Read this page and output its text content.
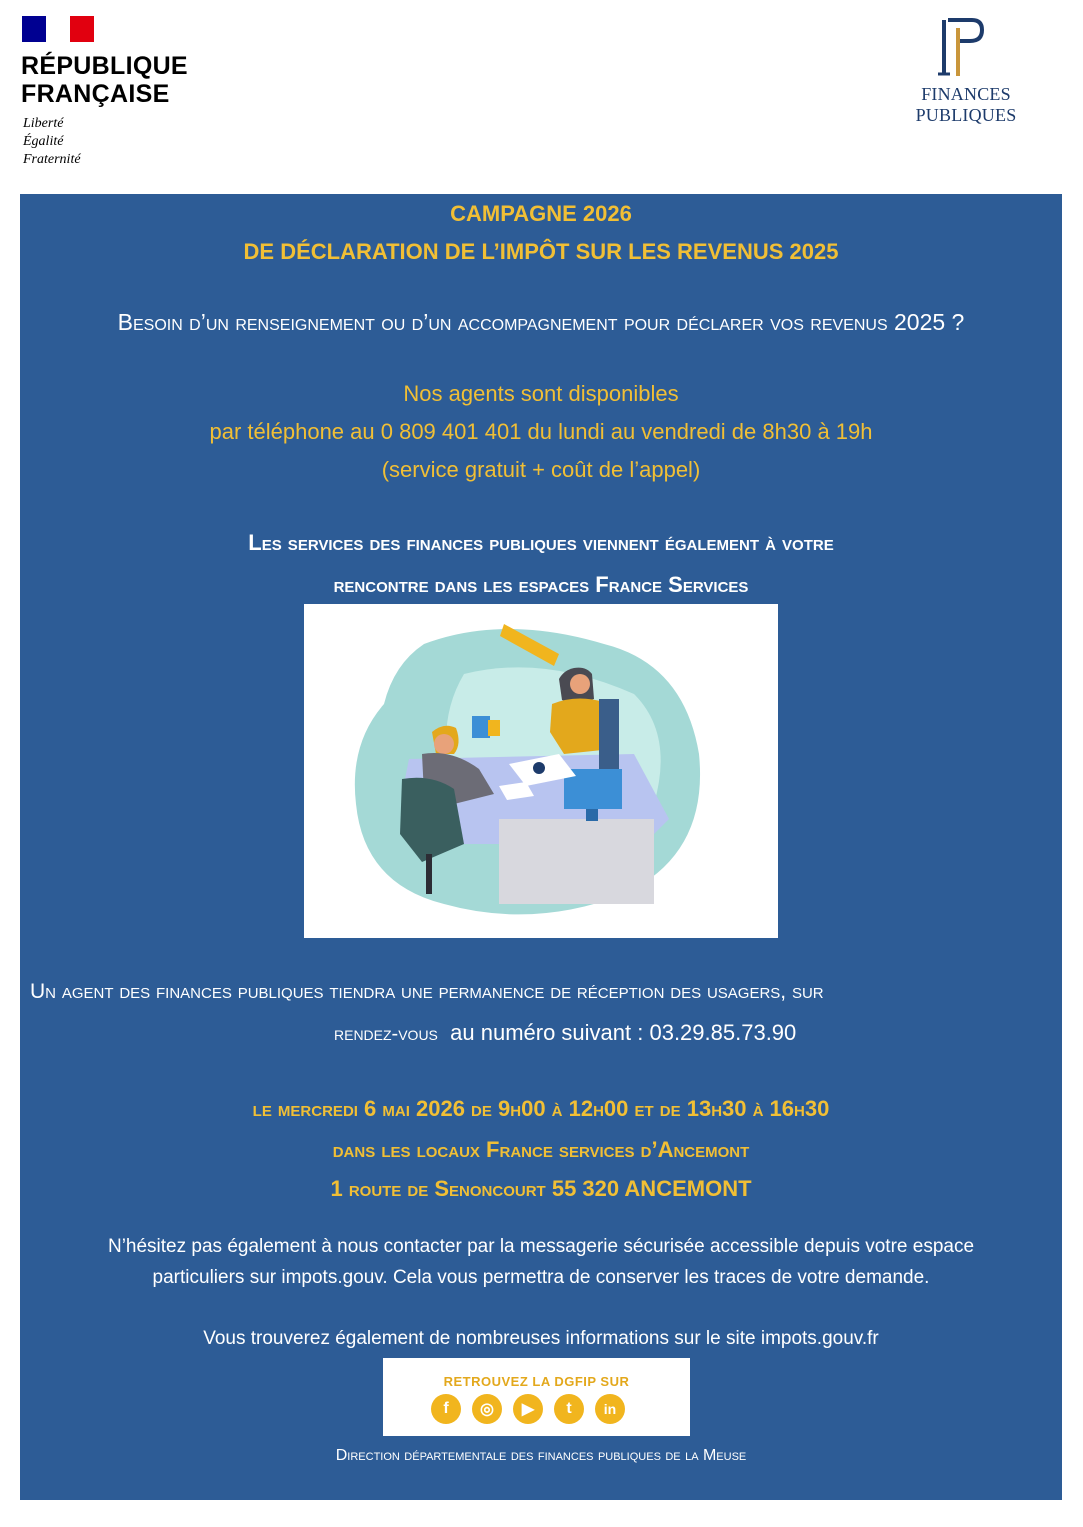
RÉPUBLIQUE
FRANÇAISE
Liberté
Égalité
Fraternité
FINANCES PUBLIQUES
CAMPAGNE 2026
DE DÉCLARATION DE L’IMPÔT SUR LES REVENUS 2025
Besoin d’un renseignement ou d’un accompagnement pour déclarer vos revenus 2025 ?
Nos agents sont disponibles
par téléphone au 0 809 401 401 du lundi au vendredi de 8h30 à 19h
(service gratuit + coût de l’appel)
Les services des finances publiques viennent également à votre
rencontre dans les espaces France Services
Un agent des finances publiques tiendra une permanence de réception des usagers, sur
rendez-vous au numéro suivant : 03.29.85.73.90
le mercredi 6 mai 2026 de 9h00 à 12h00 et de 13h30 à 16h30
dans les locaux France services d’Ancemont
1 route de Senoncourt 55 320 ANCEMONT
N’hésitez pas également à nous contacter par la messagerie sécurisée accessible depuis votre espace
particuliers sur impots.gouv. Cela vous permettra de conserver les traces de votre demande.
Vous trouverez également de nombreuses informations sur le site impots.gouv.fr
RETROUVEZ LA DGFIP SUR
f	◎	▶	t	in
Direction départementale des finances publiques de la Meuse
